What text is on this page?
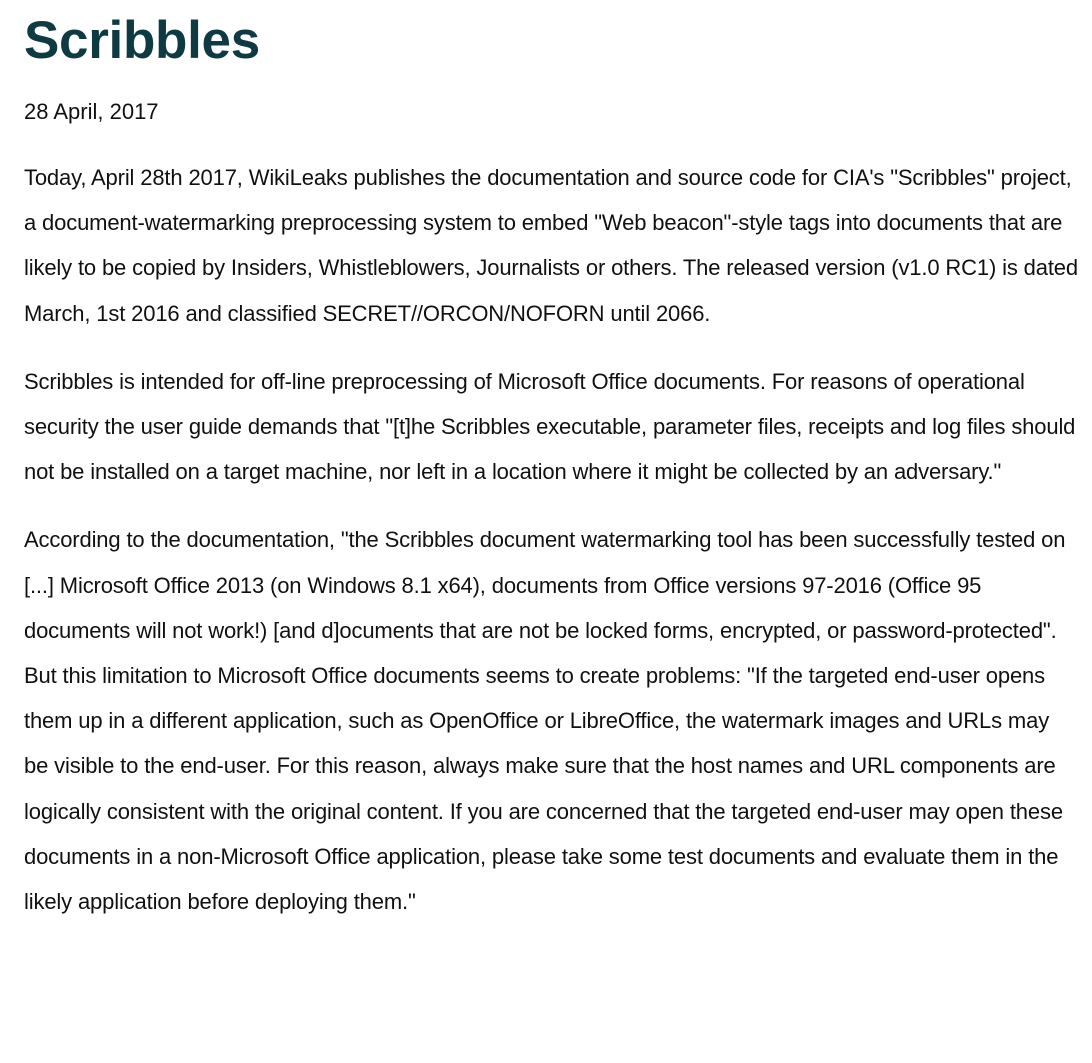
Scribbles

28 April, 2017

Today, April 28th 2017, WikiLeaks publishes the documentation and source code for CIA's "Scribbles" project, a document-watermarking preprocessing system to embed "Web beacon"-style tags into documents that are likely to be copied by Insiders, Whistleblowers, Journalists or others. The released version (v1.0 RC1) is dated March, 1st 2016 and classified SECRET//ORCON/NOFORN until 2066.

Scribbles is intended for off-line preprocessing of Microsoft Office documents. For reasons of operational security the user guide demands that "[t]he Scribbles executable, parameter files, receipts and log files should not be installed on a target machine, nor left in a location where it might be collected by an adversary."

According to the documentation, "the Scribbles document watermarking tool has been successfully tested on [...] Microsoft Office 2013 (on Windows 8.1 x64), documents from Office versions 97-2016 (Office 95 documents will not work!) [and d]ocuments that are not be locked forms, encrypted, or password-protected". But this limitation to Microsoft Office documents seems to create problems: "If the targeted end-user opens them up in a different application, such as OpenOffice or LibreOffice, the watermark images and URLs may be visible to the end-user. For this reason, always make sure that the host names and URL components are logically consistent with the original content. If you are concerned that the targeted end-user may open these documents in a non-Microsoft Office application, please take some test documents and evaluate them in the likely application before deploying them."
